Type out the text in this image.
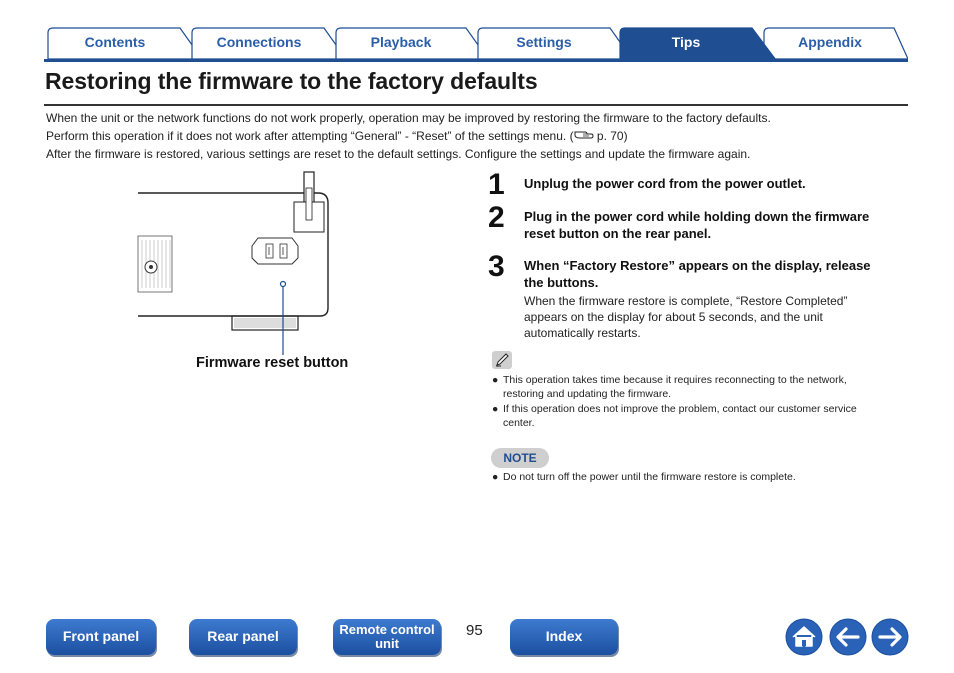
Contents	Connections	Playback	Settings	Tips	Appendix
Restoring the firmware to the factory defaults
When the unit or the network functions do not work properly, operation may be improved by restoring the firmware to the factory defaults.
Perform this operation if it does not work after attempting “General” - “Reset” of the settings menu. ( p. 70)
After the firmware is restored, various settings are reset to the default settings. Configure the settings and update the firmware again.
Firmware reset button
1 Unplug the power cord from the power outlet.
2 Plug in the power cord while holding down the firmware reset button on the rear panel.
3 When “Factory Restore” appears on the display, release the buttons.
When the firmware restore is complete, “Restore Completed” appears on the display for about 5 seconds, and the unit automatically restarts.
● This operation takes time because it requires reconnecting to the network, restoring and updating the firmware.
● If this operation does not improve the problem, contact our customer service center.
NOTE
● Do not turn off the power until the firmware restore is complete.
Front panel	Rear panel	Remote control
unit
95	Index
